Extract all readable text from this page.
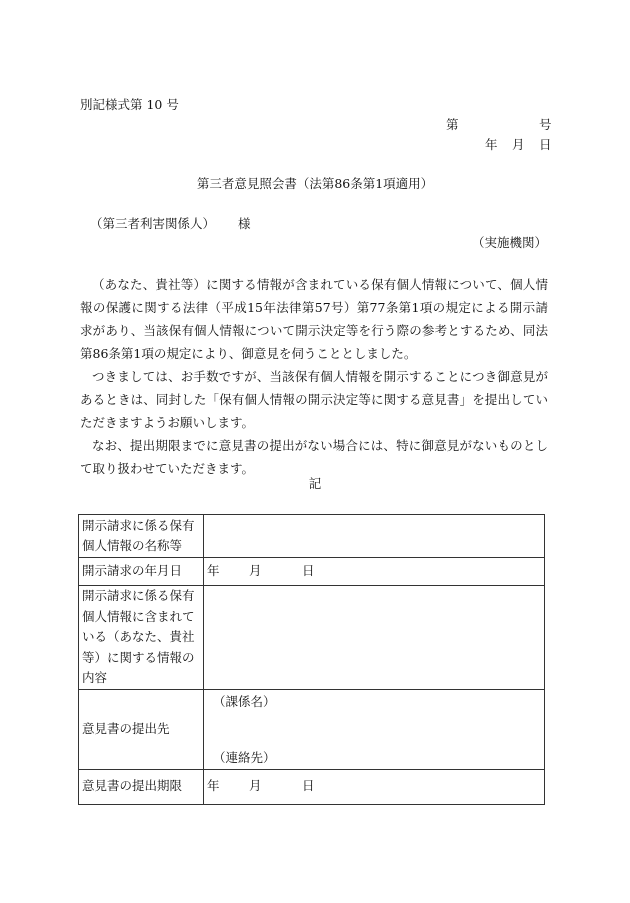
別記様式第 10 号
第	号
年 月 日
第三者意見照会書（法第86条第1項適用）
（第三者利害関係人） 様
（実施機関）

（あなた、貴社等）に関する情報が含まれている保有個人情報について、個人情報の保護に関する法律（平成15年法律第57号）第77条第1項の規定による開示請求があり、当該保有個人情報について開示決定等を行う際の参考とするため、同法第86条第1項の規定により、御意見を伺うこととしました。

つきましては、お手数ですが、当該保有個人情報を開示することにつき御意見があるときは、同封した「保有個人情報の開示決定等に関する意見書」を提出していただきますようお願いします。

なお、提出期限までに意見書の提出がない場合には、特に御意見がないものとして取り扱わせていただきます。

記
開示請求に係る保有個人情報の名称等	
開示請求の年月日	年 月 日
開示請求に係る保有個人情報に含まれている（あなた、貴社等）に関する情報の内容	
意見書の提出先	（課係名）
（連絡先）

意見書の提出期限	年 月 日
